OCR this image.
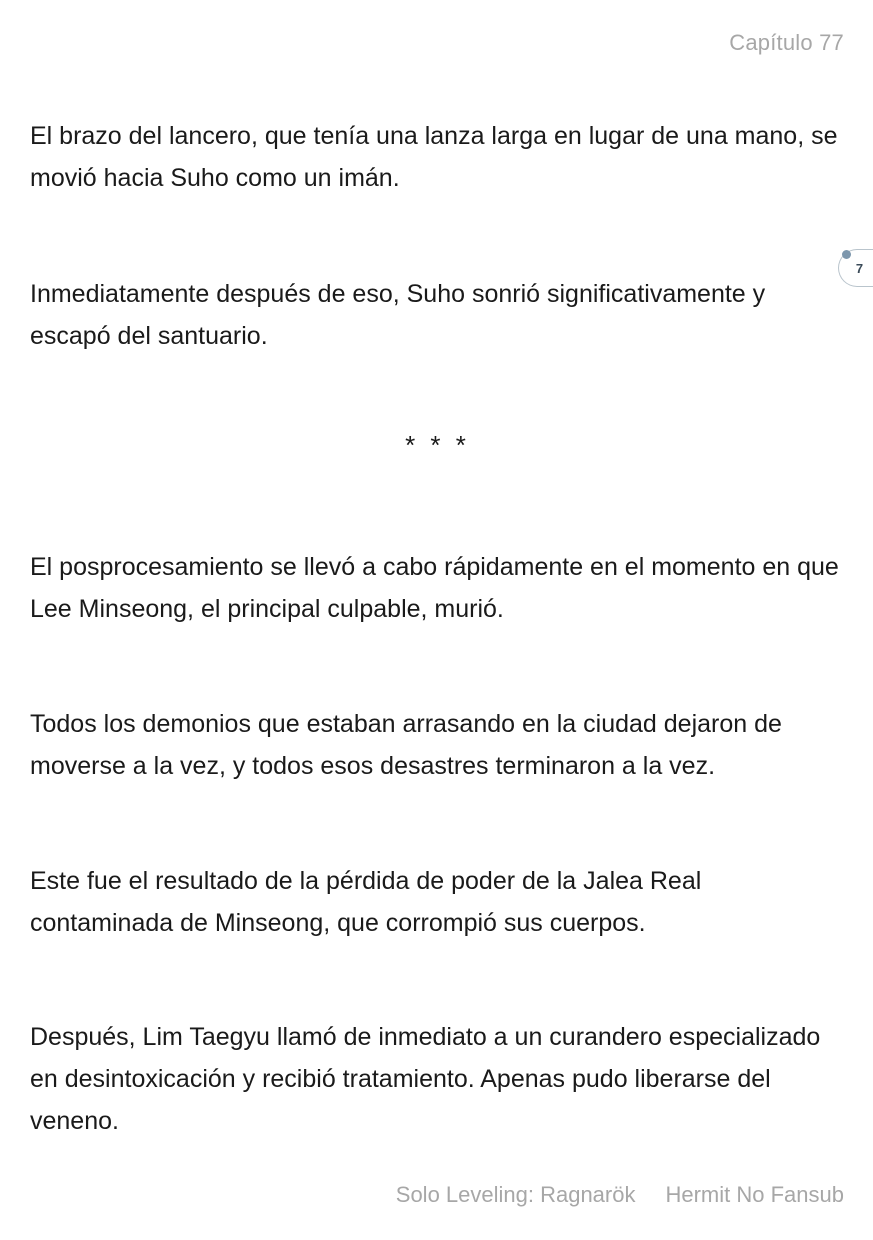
Capítulo 77

El brazo del lancero, que tenía una lanza larga en lugar de una mano, se movió hacia Suho como un imán.

Inmediatamente después de eso, Suho sonrió significativamente y escapó del santuario.

* * *

El posprocesamiento se llevó a cabo rápidamente en el momento en que Lee Minseong, el principal culpable, murió.

Todos los demonios que estaban arrasando en la ciudad dejaron de moverse a la vez, y todos esos desastres terminaron a la vez.

Este fue el resultado de la pérdida de poder de la Jalea Real contaminada de Minseong, que corrompió sus cuerpos.

Después, Lim Taegyu llamó de inmediato a un curandero especializado en desintoxicación y recibió tratamiento. Apenas pudo liberarse del veneno.

7
Solo Leveling: Ragnarök Hermit No Fansub
